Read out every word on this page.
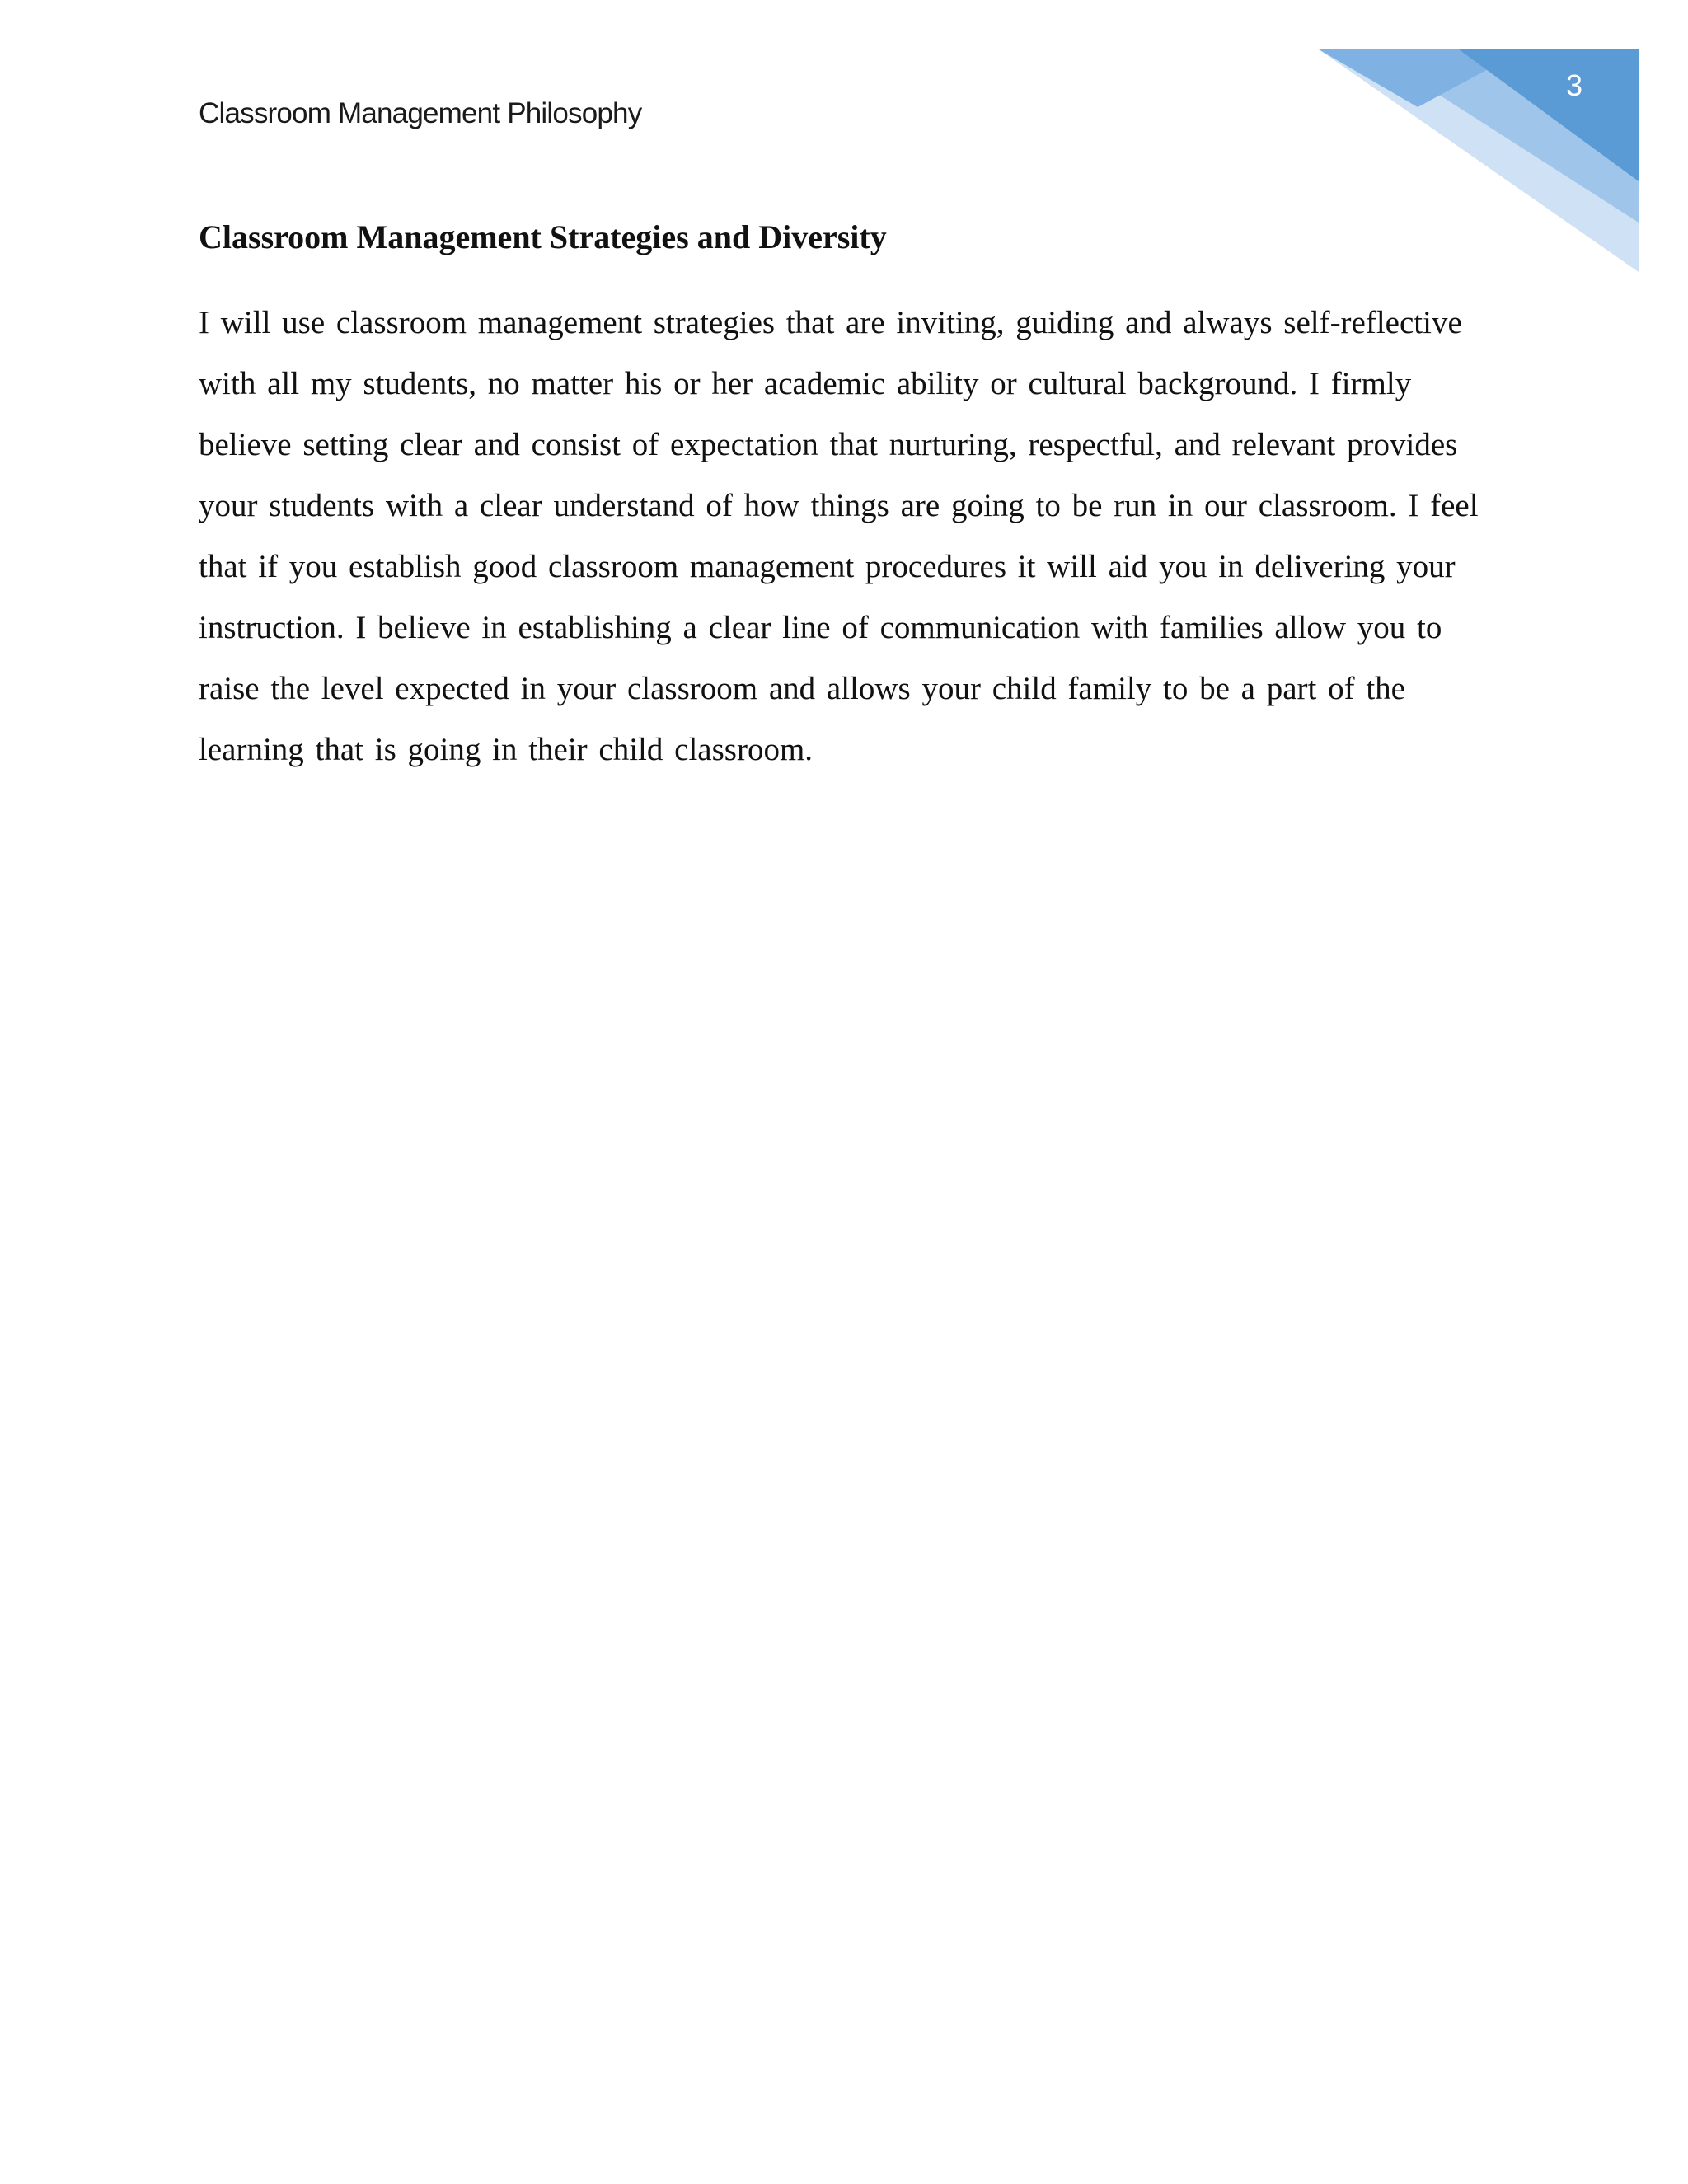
3
Classroom Management Philosophy
Classroom Management Strategies and Diversity
I will use classroom management strategies that are inviting, guiding and always self-reflective
with all my students, no matter his or her academic ability or cultural background. I firmly
believe setting clear and consist of expectation that nurturing, respectful, and relevant provides
your students with a clear understand of how things are going to be run in our classroom. I feel
that if you establish good classroom management procedures it will aid you in delivering your
instruction. I believe in establishing a clear line of communication with families allow you to
raise the level expected in your classroom and allows your child family to be a part of the
learning that is going in their child classroom.
